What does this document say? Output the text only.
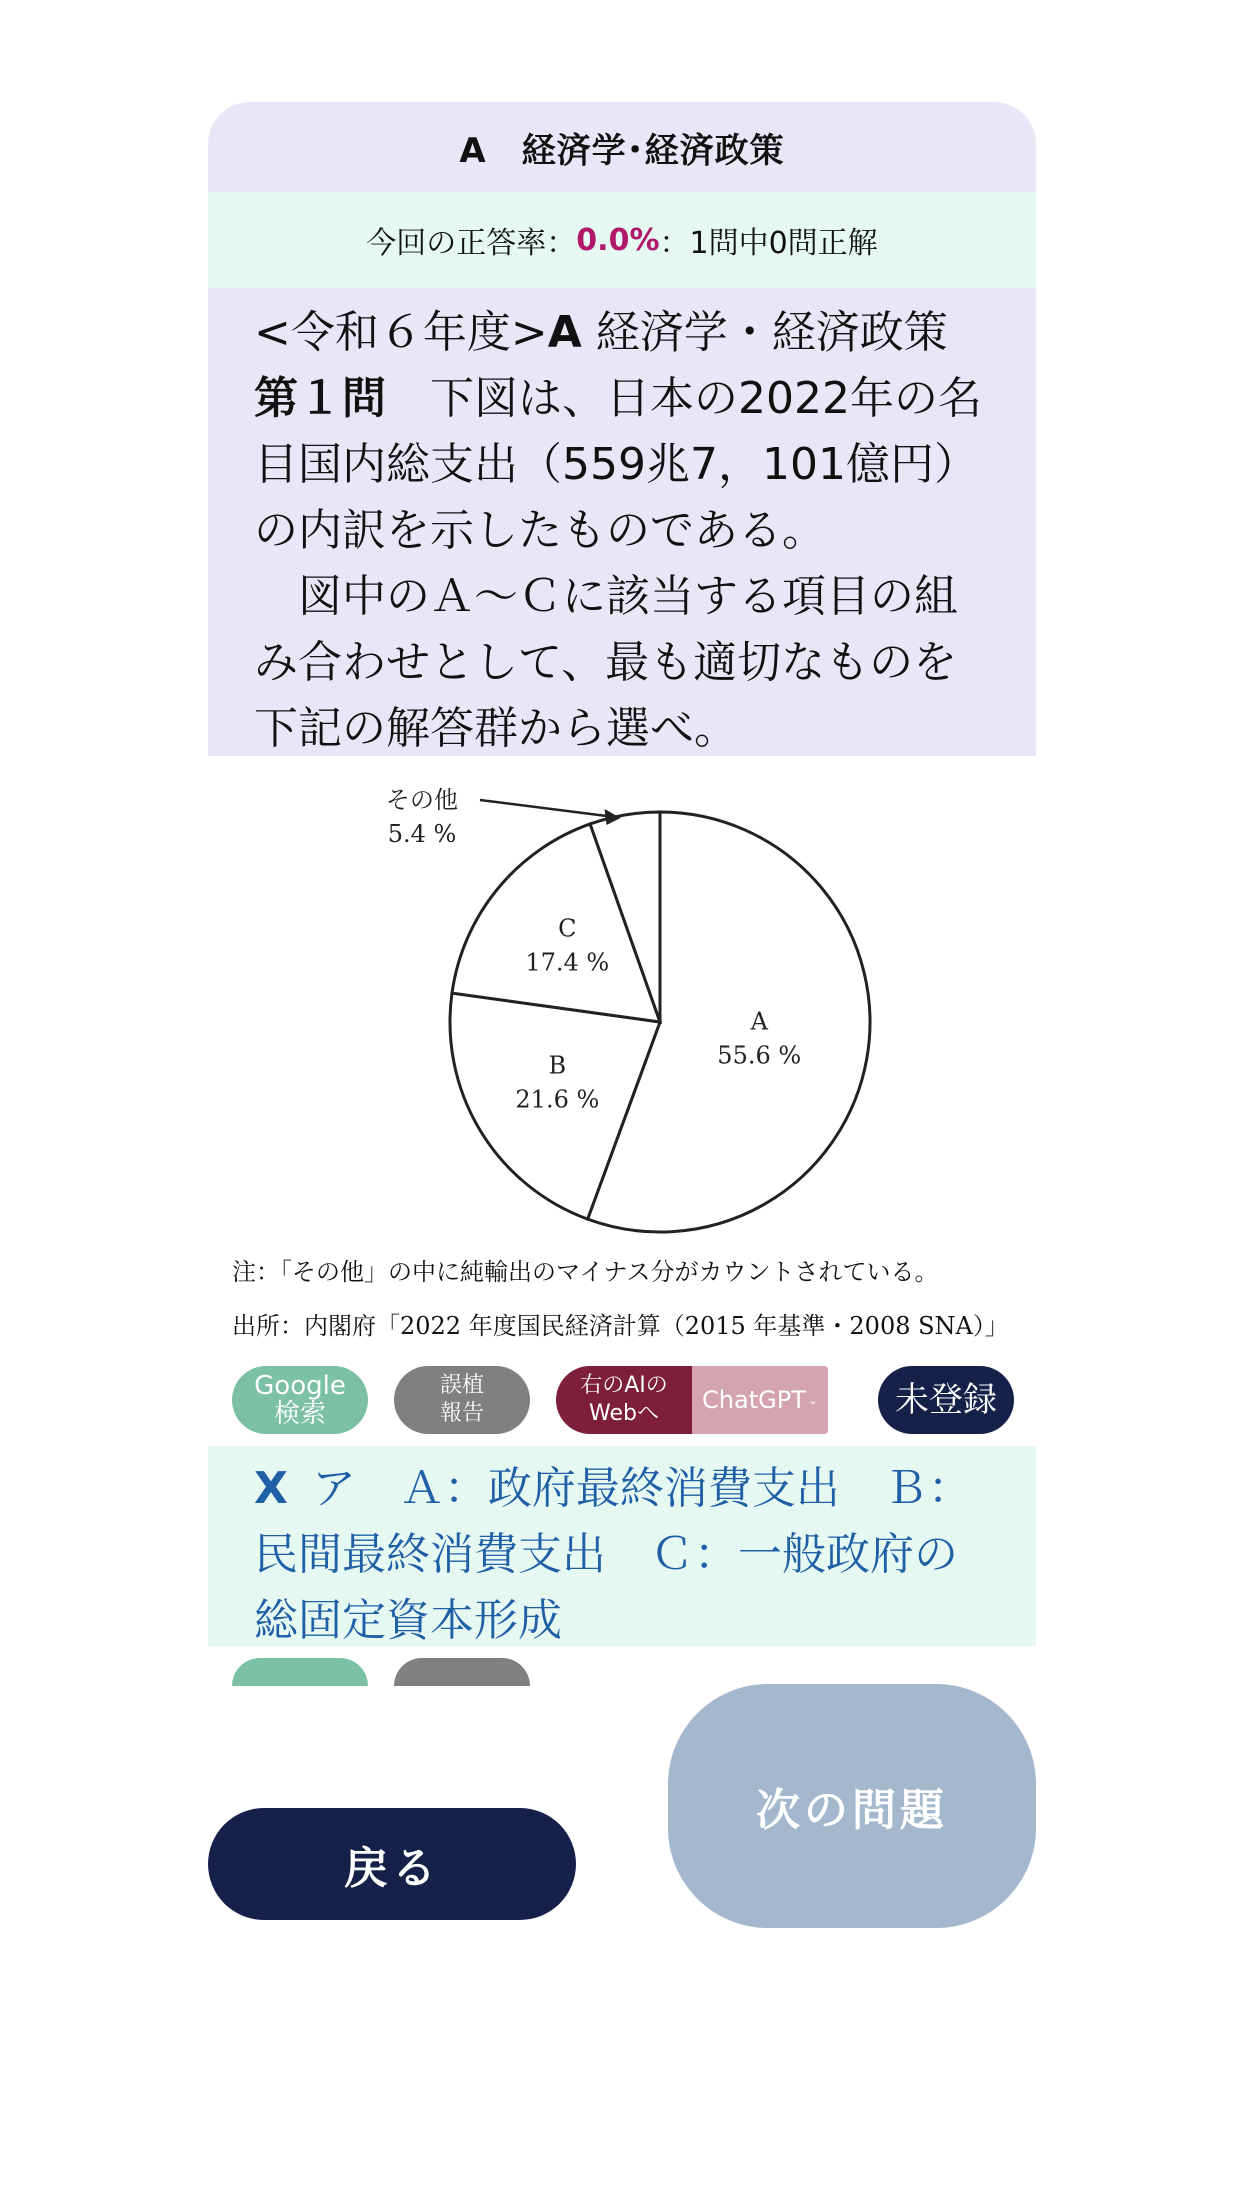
A　経済学･経済政策
今回の正答率： 0.0% ：1問中0問正解
<令和６年度>A 経済学・経済政策
第１問　下図は、日本の2022年の名目国内総支出（559兆7，101億円）の内訳を示したものである。
　図中のＡ～Ｃに該当する項目の組み合わせとして、最も適切なものを下記の解答群から選べ。
A
55.6 %
B
21.6 %
C
17.4 %
その他
5.4 %
注：「その他」の中に純輸出のマイナス分がカウントされている。
出所：内閣府「2022 年度国民経済計算（2015 年基準・2008 SNA）」
Google
検索
誤植
報告
右のAIの
Webへ	ChatGPT ⌄ 未登録
X ア　Ａ：政府最終消費支出　Ｂ：民間最終消費支出　Ｃ：一般政府の総固定資本形成
戻る
次の問題
